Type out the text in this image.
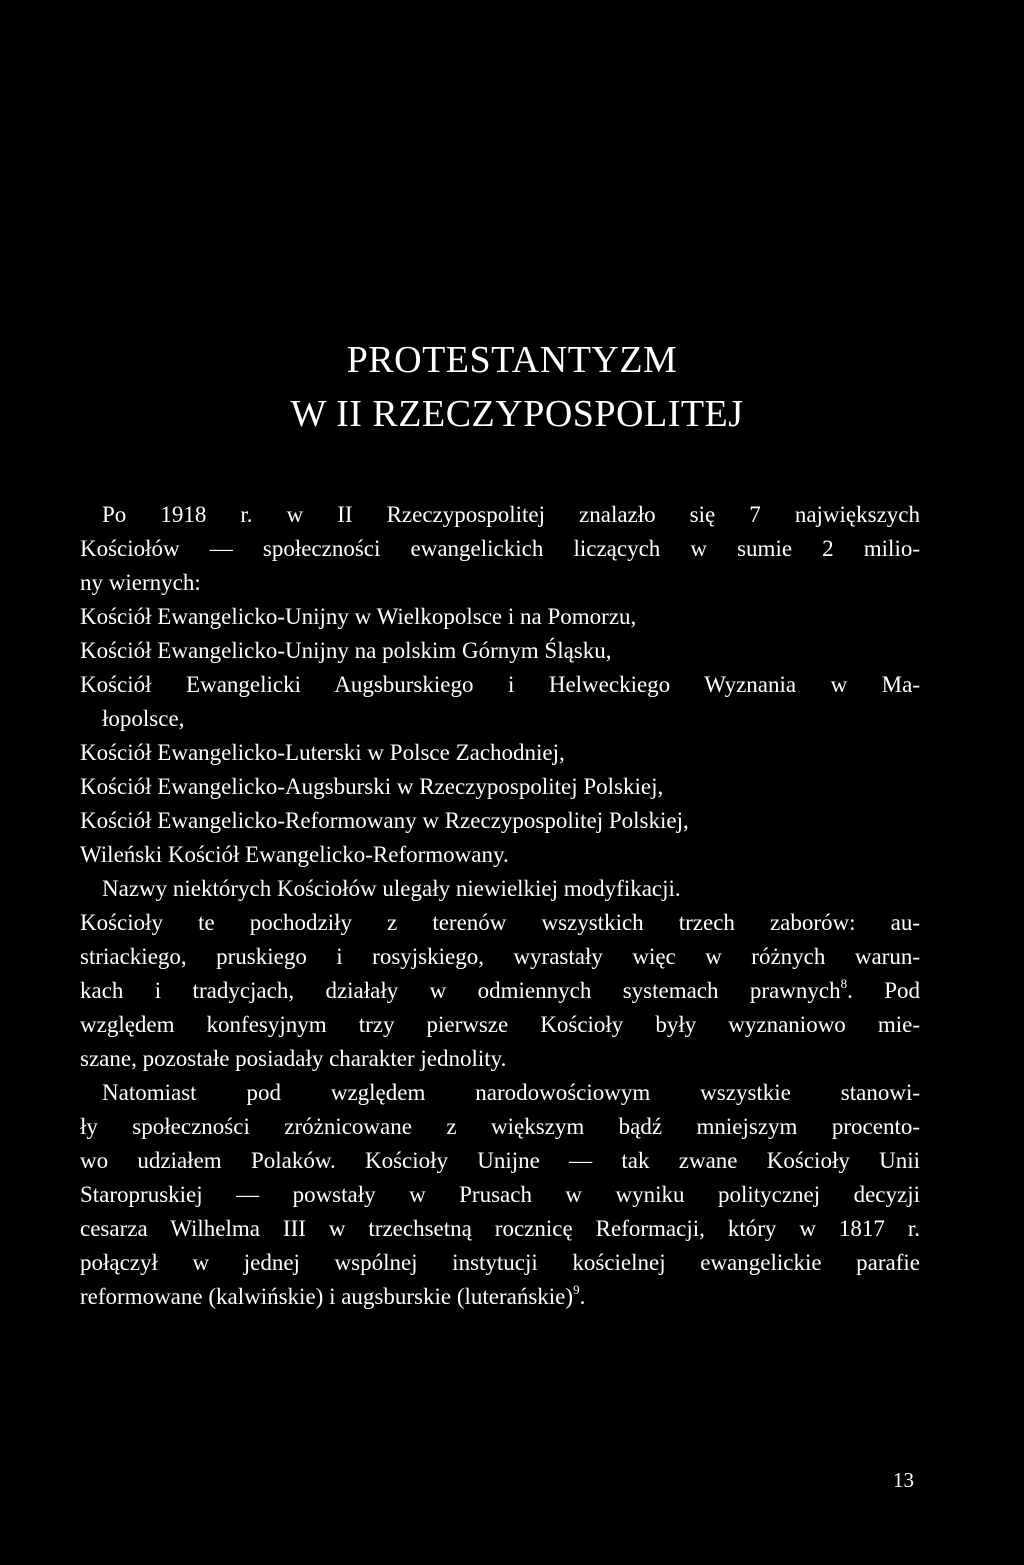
PROTESTANTYZM
W II RZECZYPOSPOLITEJ
Po 1918 r. w II Rzeczypospolitej znalazło się 7 największych
Kościołów — społeczności ewangelickich liczących w sumie 2 milio-
ny wiernych:
Kościół Ewangelicko-Unijny w Wielkopolsce i na Pomorzu,
Kościół Ewangelicko-Unijny na polskim Górnym Śląsku,
Kościół Ewangelicki Augsburskiego i Helweckiego Wyznania w Ma-
łopolsce,
Kościół Ewangelicko-Luterski w Polsce Zachodniej,
Kościół Ewangelicko-Augsburski w Rzeczypospolitej Polskiej,
Kościół Ewangelicko-Reformowany w Rzeczypospolitej Polskiej,
Wileński Kościół Ewangelicko-Reformowany.
Nazwy niektórych Kościołów ulegały niewielkiej modyfikacji.
Kościoły te pochodziły z terenów wszystkich trzech zaborów: au-
striackiego, pruskiego i rosyjskiego, wyrastały więc w różnych warun-
kach i tradycjach, działały w odmiennych systemach prawnych$^8$. Pod
względem konfesyjnym trzy pierwsze Kościoły były wyznaniowo mie-
szane, pozostałe posiadały charakter jednolity.
Natomiast pod względem narodowościowym wszystkie stanowi-
ły społeczności zróżnicowane z większym bądź mniejszym procento-
wo udziałem Polaków. Kościoły Unijne — tak zwane Kościoły Unii
Staropruskiej — powstały w Prusach w wyniku politycznej decyzji
cesarza Wilhelma III w trzechsetną rocznicę Reformacji, który w 1817 r.
połączył w jednej wspólnej instytucji kościelnej ewangelickie parafie
reformowane (kalwińskie) i augsburskie (luterańskie)$^9$.
13
